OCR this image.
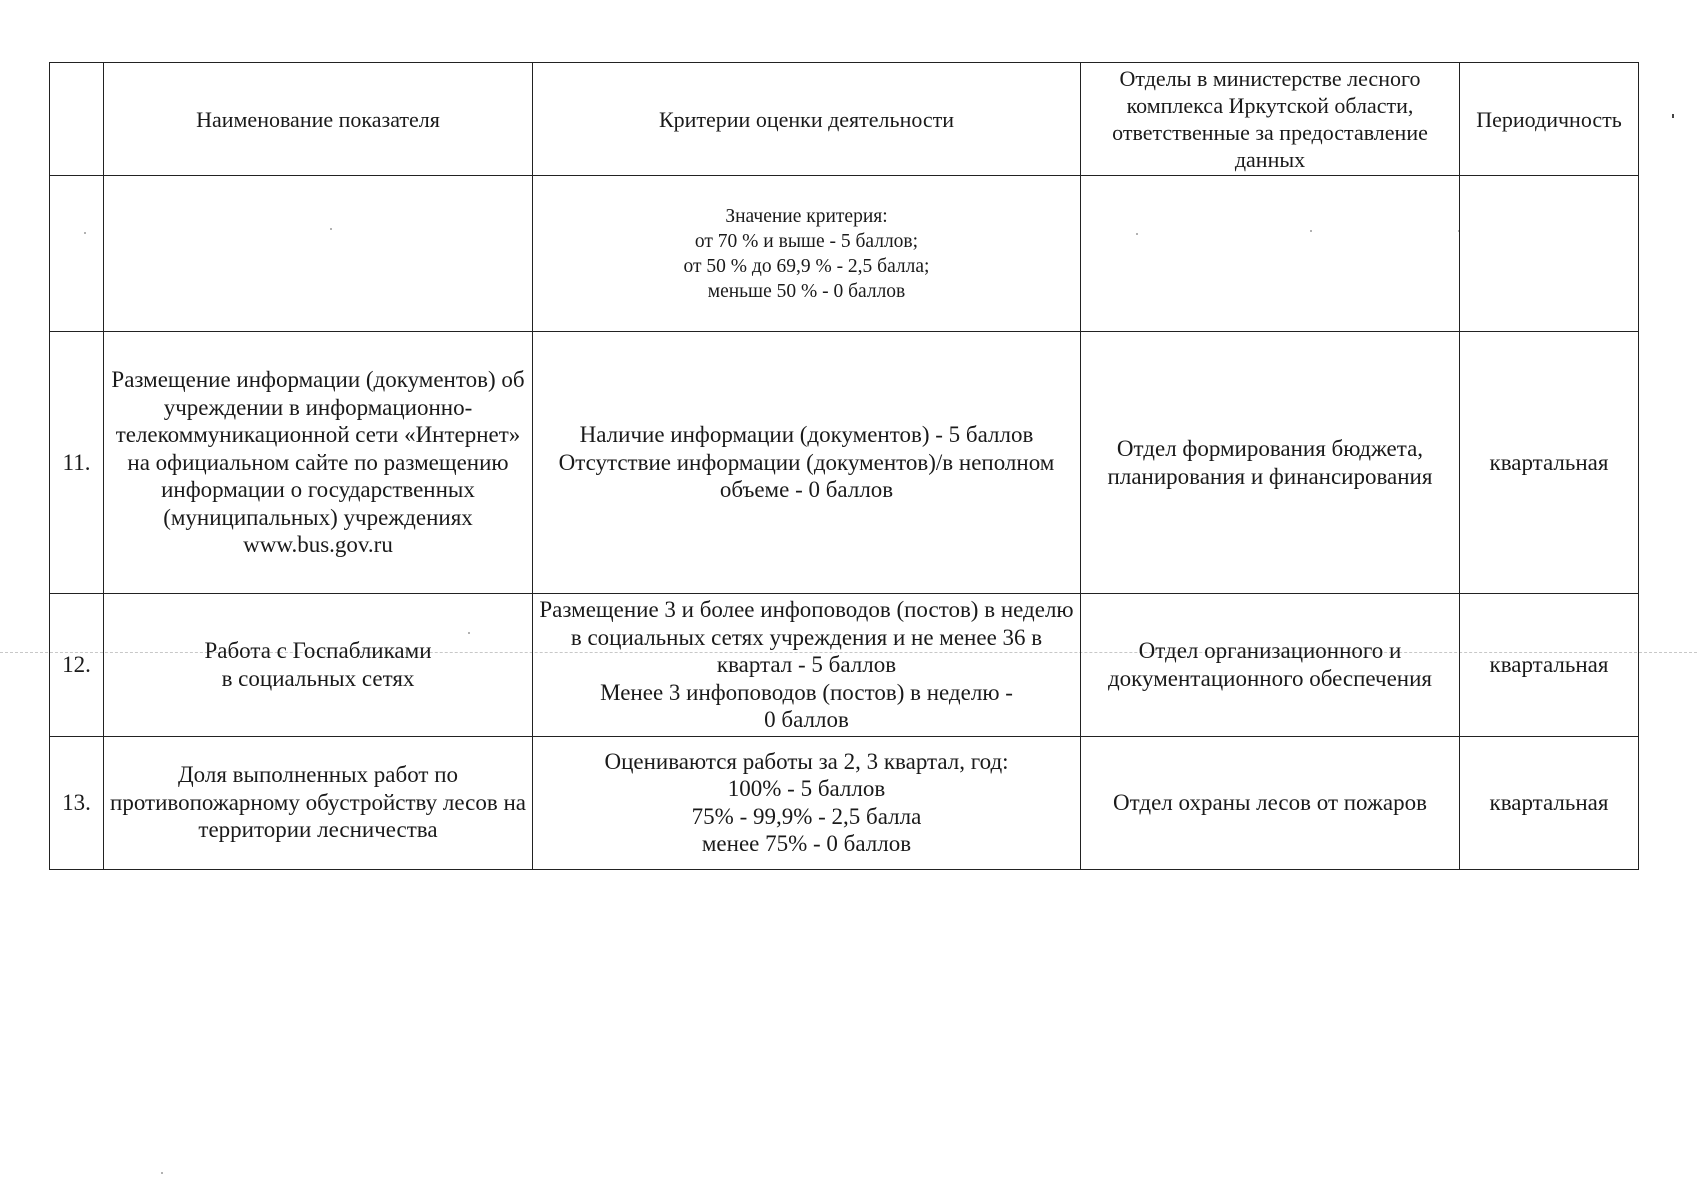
	Наименование показателя	Критерии оценки деятельности	Отделы в министерстве лесного комплекса Иркутской области, ответственные за предоставление данных	Периодичность
		Значение критерия:
от 70 % и выше - 5 баллов;
от 50 % до 69,9 % - 2,5 балла;
меньше 50 % - 0 баллов		
11.	Размещение информации (документов) об учреждении в информационно-телекоммуникационной сети «Интернет» на официальном сайте по размещению информации о государственных (муниципальных) учреждениях www.bus.gov.ru	Наличие информации (документов) - 5 баллов
Отсутствие информации (документов)/в неполном объеме - 0 баллов	Отдел формирования бюджета, планирования и финансирования	квартальная
12.	Работа с Госпабликами
в социальных сетях	Размещение 3 и более инфоповодов (постов) в неделю в социальных сетях учреждения и не менее 36 в квартал - 5 баллов
Менее 3 инфоповодов (постов) в неделю -
0 баллов	Отдел организационного и документационного обеспечения	квартальная
13.	Доля выполненных работ по противопожарному обустройству лесов на территории лесничества	Оцениваются работы за 2, 3 квартал, год:
100% - 5 баллов
75% - 99,9% - 2,5 балла
менее 75% - 0 баллов	Отдел охраны лесов от пожаров	квартальная
